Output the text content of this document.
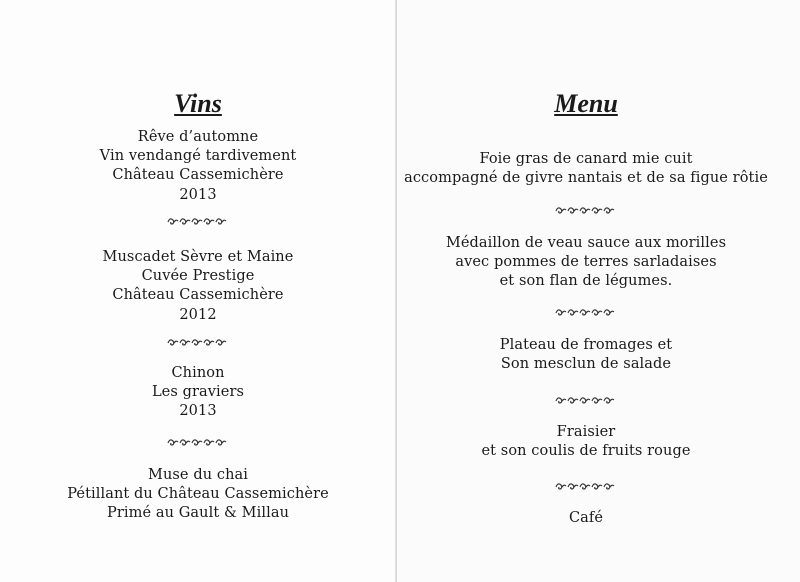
Vins
Rêve d’automne
Vin vendangé tardivement
Château Cassemichère
2013
Muscadet Sèvre et Maine
Cuvée Prestige
Château Cassemichère
2012
Chinon
Les graviers
2013
Muse du chai
Pétillant du Château Cassemichère
Primé au Gault & Millau
Menu
Foie gras de canard mie cuit
accompagné de givre nantais et de sa figue rôtie
Médaillon de veau sauce aux morilles
avec pommes de terres sarladaises
et son flan de légumes.
Plateau de fromages et
Son mesclun de salade
Fraisier
et son coulis de fruits rouge
Café
